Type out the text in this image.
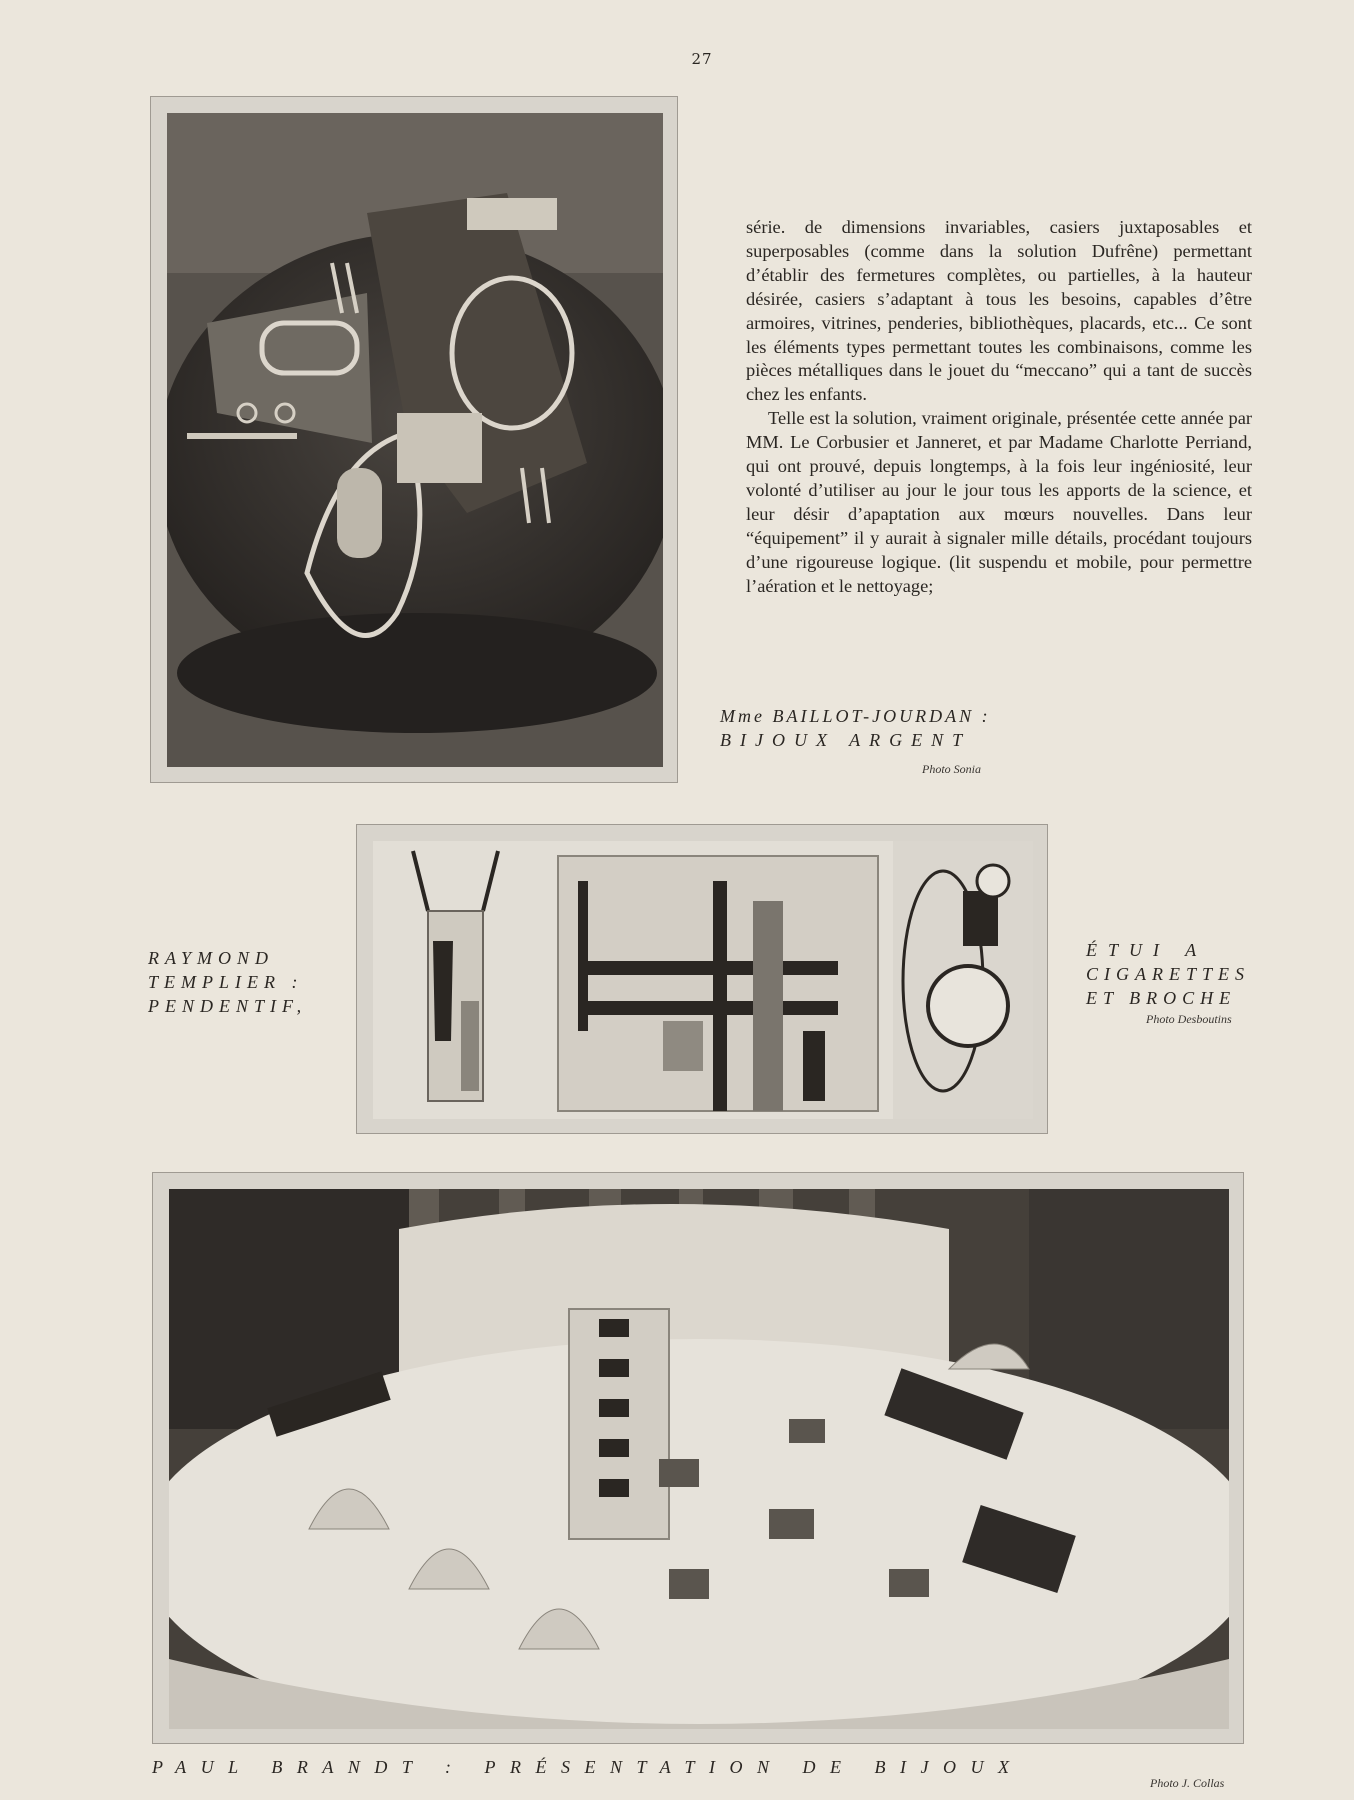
27

série. de dimensions invariables, casiers juxtaposables et superposables (comme dans la solution Dufrêne) permettant d’établir des fermetures complètes, ou partielles, à la hauteur désirée, casiers s’adaptant à tous les besoins, capables d’être armoires, vitrines, penderies, bibliothèques, placards, etc... Ce sont les éléments types permettant toutes les combinaisons, comme les pièces métalliques dans le jouet du “meccano” qui a tant de succès chez les enfants.

Telle est la solution, vraiment originale, présentée cette année par MM. Le Corbusier et Janneret, et par Madame Charlotte Perriand, qui ont prouvé, depuis longtemps, à la fois leur ingéniosité, leur volonté d’utiliser au jour le jour tous les apports de la science, et leur désir d’apaptation aux mœurs nouvelles. Dans leur “équipement” il y aurait à signaler mille détails, procédant toujours d’une rigoureuse logique. (lit suspendu et mobile, pour permettre l’aération et le nettoyage;

Mme BAILLOT-JOURDAN :
BIJOUX ARGENT
Photo Sonia
RAYMOND
TEMPLIER :
PENDENTIF,
ÉTUI A
CIGARETTES
ET BROCHE
Photo Desboutins
PAUL BRANDT : PRÉSENTATION DE BIJOUX
Photo J. Collas
